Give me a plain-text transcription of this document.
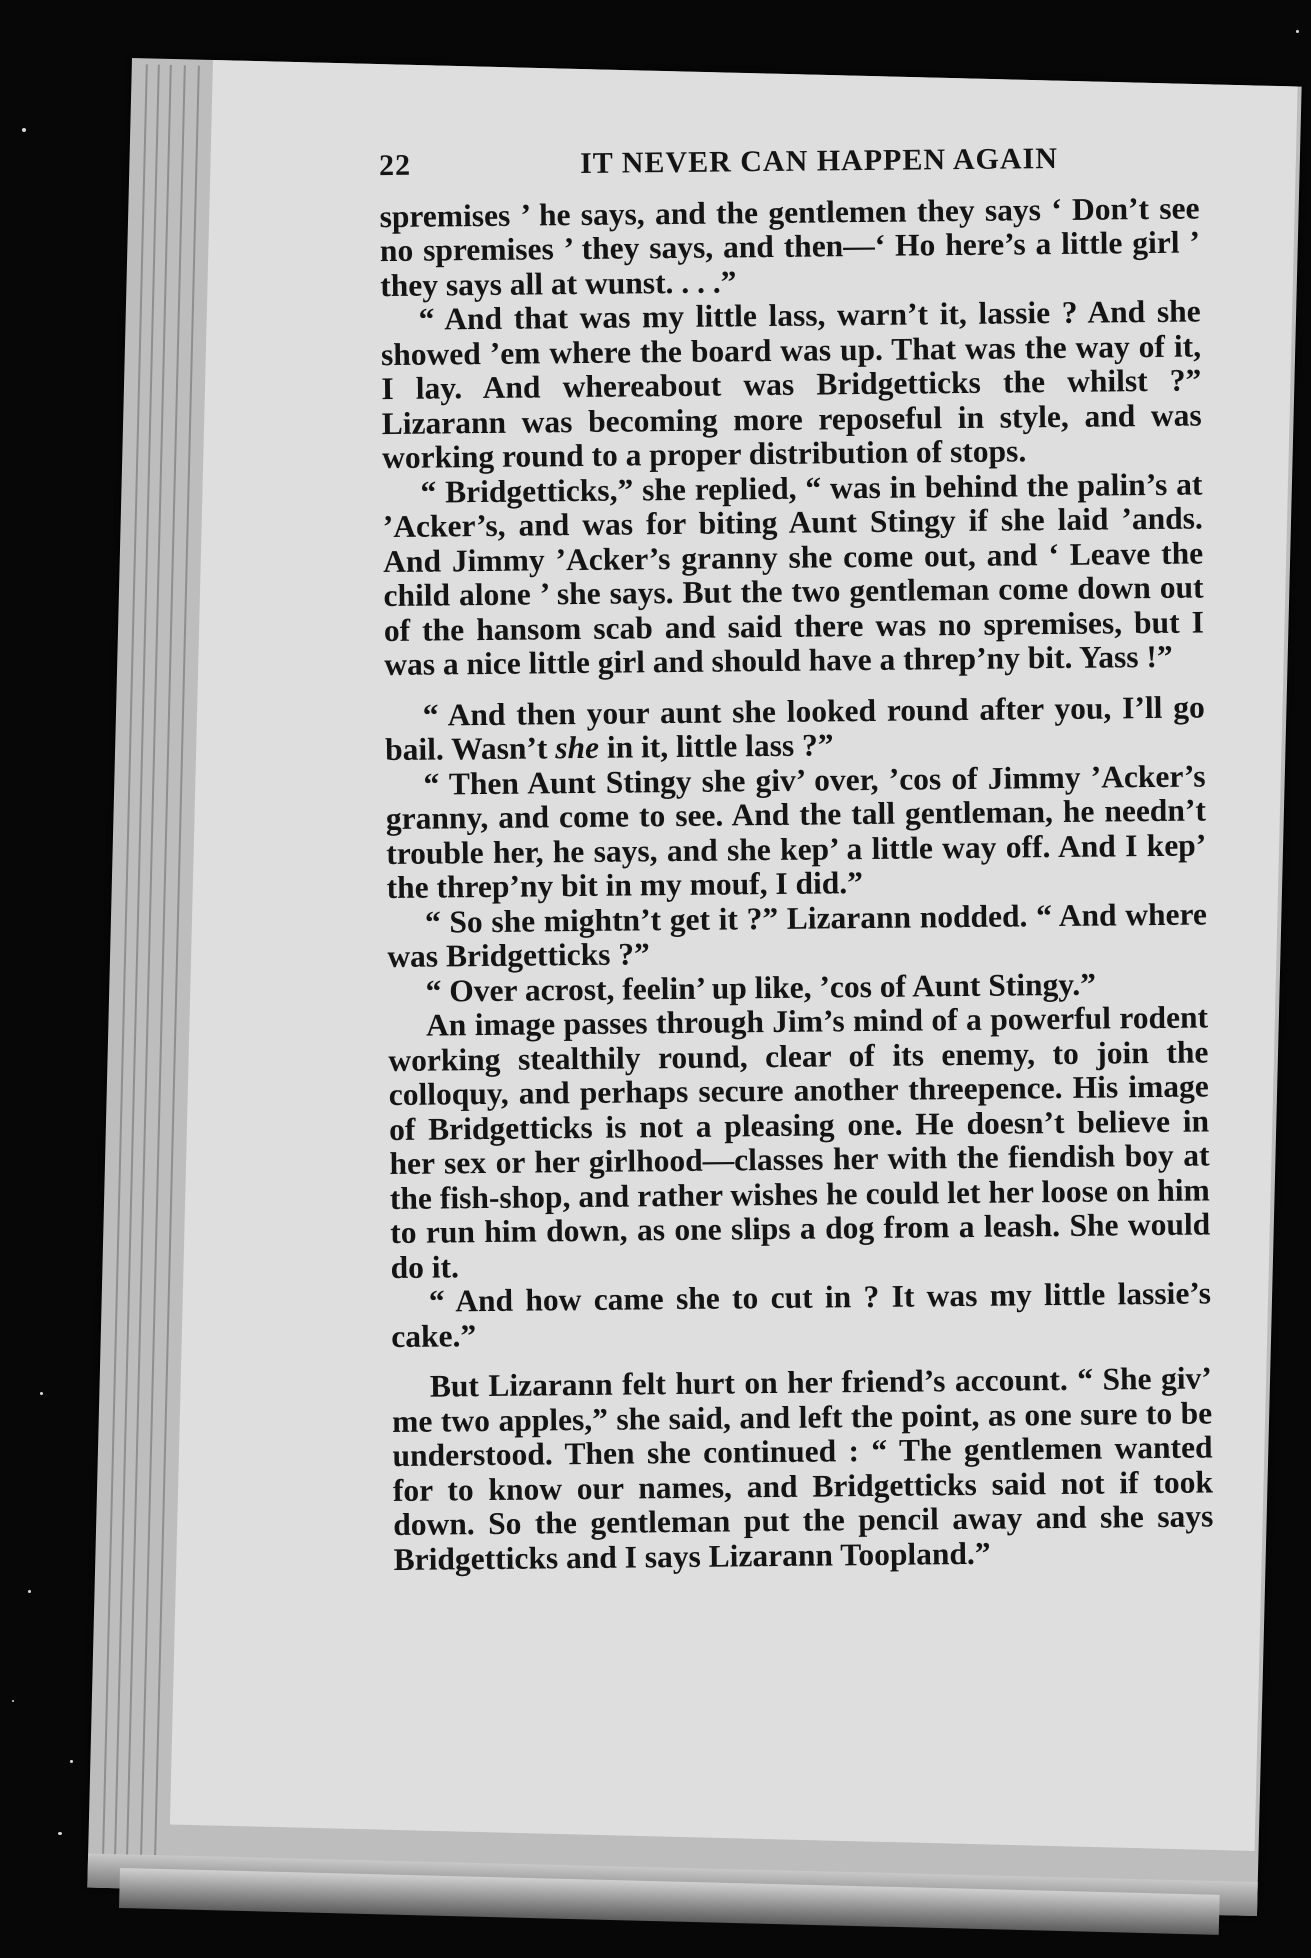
22	IT NEVER CAN HAPPEN AGAIN

spremises ’ he says, and the gentlemen they says ‘ Don’t see no spremises ’ they says, and then—‘ Ho here’s a little girl ’ they says all at wunst. . . .”

“ And that was my little lass, warn’t it, lassie ? And she showed ’em where the board was up. That was the way of it, I lay. And whereabout was Bridgetticks the whilst ?” Lizarann was becoming more reposeful in style, and was working round to a proper distribution of stops.

“ Bridgetticks,” she replied, “ was in behind the palin’s at ’Acker’s, and was for biting Aunt Stingy if she laid ’ands. And Jimmy ’Acker’s granny she come out, and ‘ Leave the child alone ’ she says. But the two gentleman come down out of the hansom scab and said there was no spremises, but I was a nice little girl and should have a threp’ny bit. Yass !”

“ And then your aunt she looked round after you, I’ll go bail. Wasn’t she in it, little lass ?”

“ Then Aunt Stingy she giv’ over, ’cos of Jimmy ’Acker’s granny, and come to see. And the tall gentleman, he needn’t trouble her, he says, and she kep’ a little way off. And I kep’ the threp’ny bit in my mouf, I did.”

“ So she mightn’t get it ?” Lizarann nodded. “ And where was Bridgetticks ?”

“ Over acrost, feelin’ up like, ’cos of Aunt Stingy.”

An image passes through Jim’s mind of a powerful rodent working stealthily round, clear of its enemy, to join the colloquy, and perhaps secure another threepence. His image of Bridgetticks is not a pleasing one. He doesn’t believe in her sex or her girlhood—classes her with the fiendish boy at the fish-shop, and rather wishes he could let her loose on him to run him down, as one slips a dog from a leash. She would do it.

“ And how came she to cut in ? It was my little lassie’s cake.”

But Lizarann felt hurt on her friend’s account. “ She giv’ me two apples,” she said, and left the point, as one sure to be understood. Then she continued : “ The gentlemen wanted for to know our names, and Bridgetticks said not if took down. So the gentleman put the pencil away and she says Bridgetticks and I says Lizarann Toopland.”
